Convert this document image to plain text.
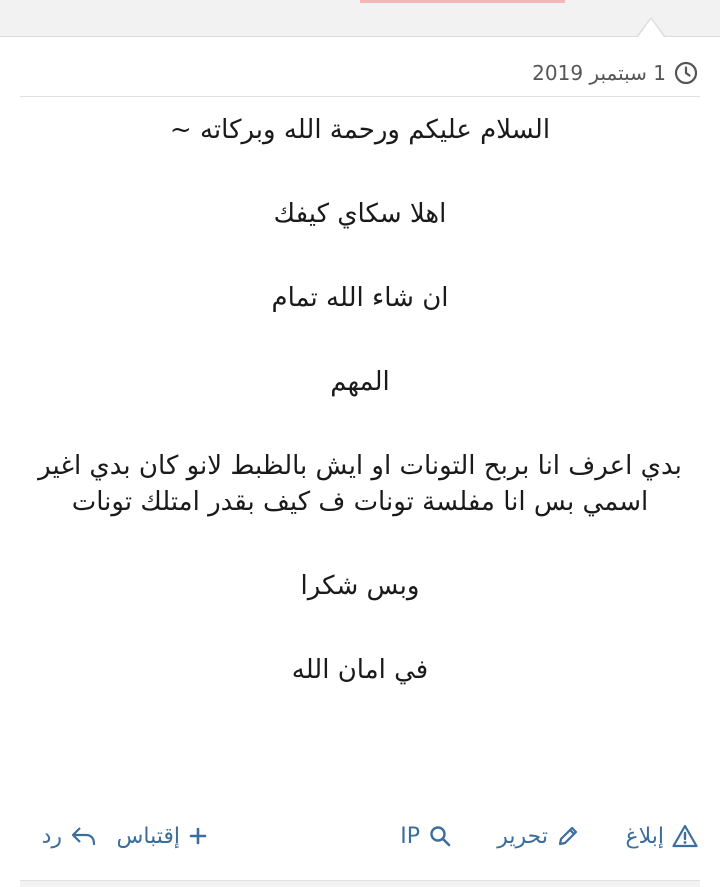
1 سبتمبر 2019

السلام عليكم ورحمة الله وبركاته ~

اهلا سكاي كيفك

ان شاء الله تمام

المهم

بدي اعرف انا بربح التونات او ايش بالظبط لانو كان بدي اغير اسمي بس انا مفلسة تونات ف كيف بقدر امتلك تونات

وبس شكرا

في امان الله

إبلاغ
تحرير
IP
إقتباس
رد
